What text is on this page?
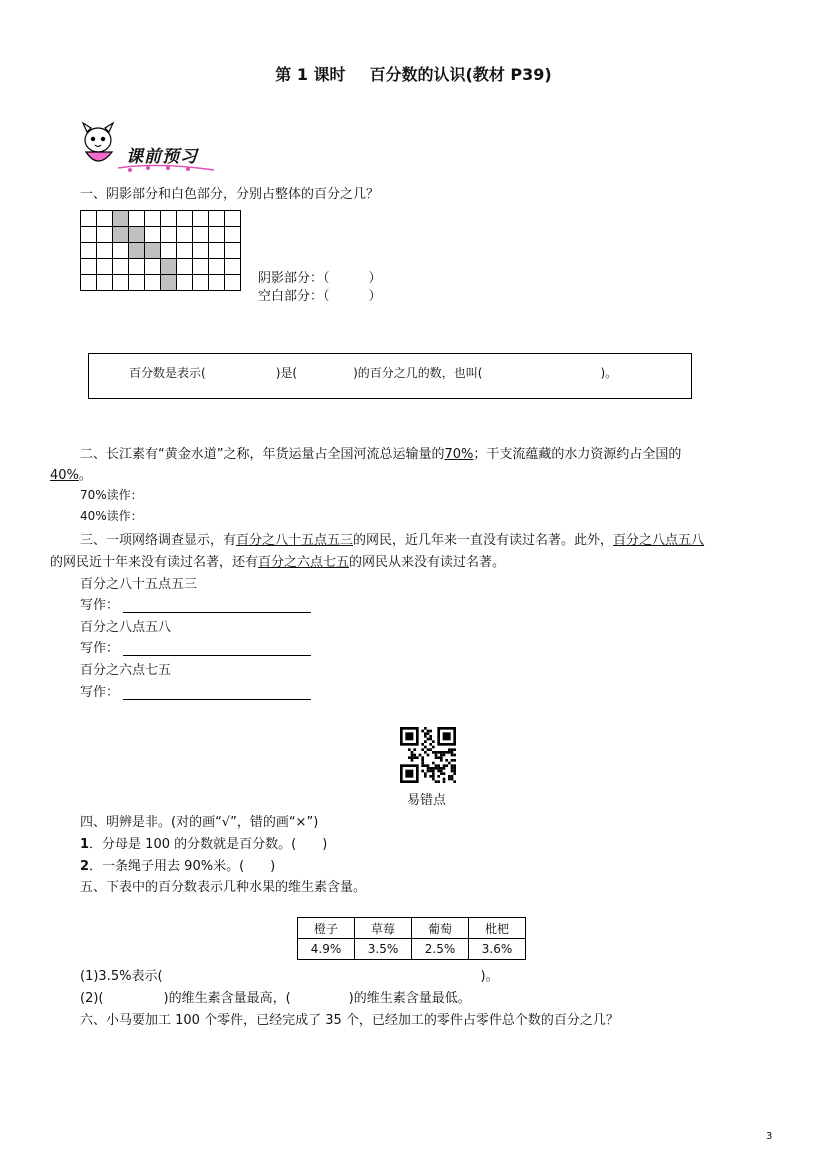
第 1 课时 百分数的认识(教材 P39)
课前预习
一、阴影部分和白色部分，分别占整体的百分之几？
阴影部分：（　　　）
空白部分：（　　　）
百分数是表示(	)是(	)的百分之几的数，也叫(	)。
二、长江素有“黄金水道”之称，年货运量占全国河流总运输量的70%；干支流蕴藏的水力资源约占全国的
40%。
70%读作：
40%读作：
三、一项网络调查显示，有百分之八十五点五三的网民，近几年来一直没有读过名著。此外，百分之八点五八
的网民近十年来没有读过名著，还有百分之六点七五的网民从来没有读过名著。
百分之八十五点五三
写作：
百分之八点五八
写作：
百分之六点七五
写作：
易错点
四、明辨是非。(对的画“√”，错的画“×”)
1．分母是 100 的分数就是百分数。(　　)
2．一条绳子用去 90%米。(　　)
五、下表中的百分数表示几种水果的维生素含量。
橙子	草莓	葡萄	枇杷
4.9%	3.5%	2.5%	3.6%
(1)3.5%表示(	)。
(2)(	)的维生素含量最高，(	)的维生素含量最低。
六、小马要加工 100 个零件，已经完成了 35 个，已经加工的零件占零件总个数的百分之几？
3
